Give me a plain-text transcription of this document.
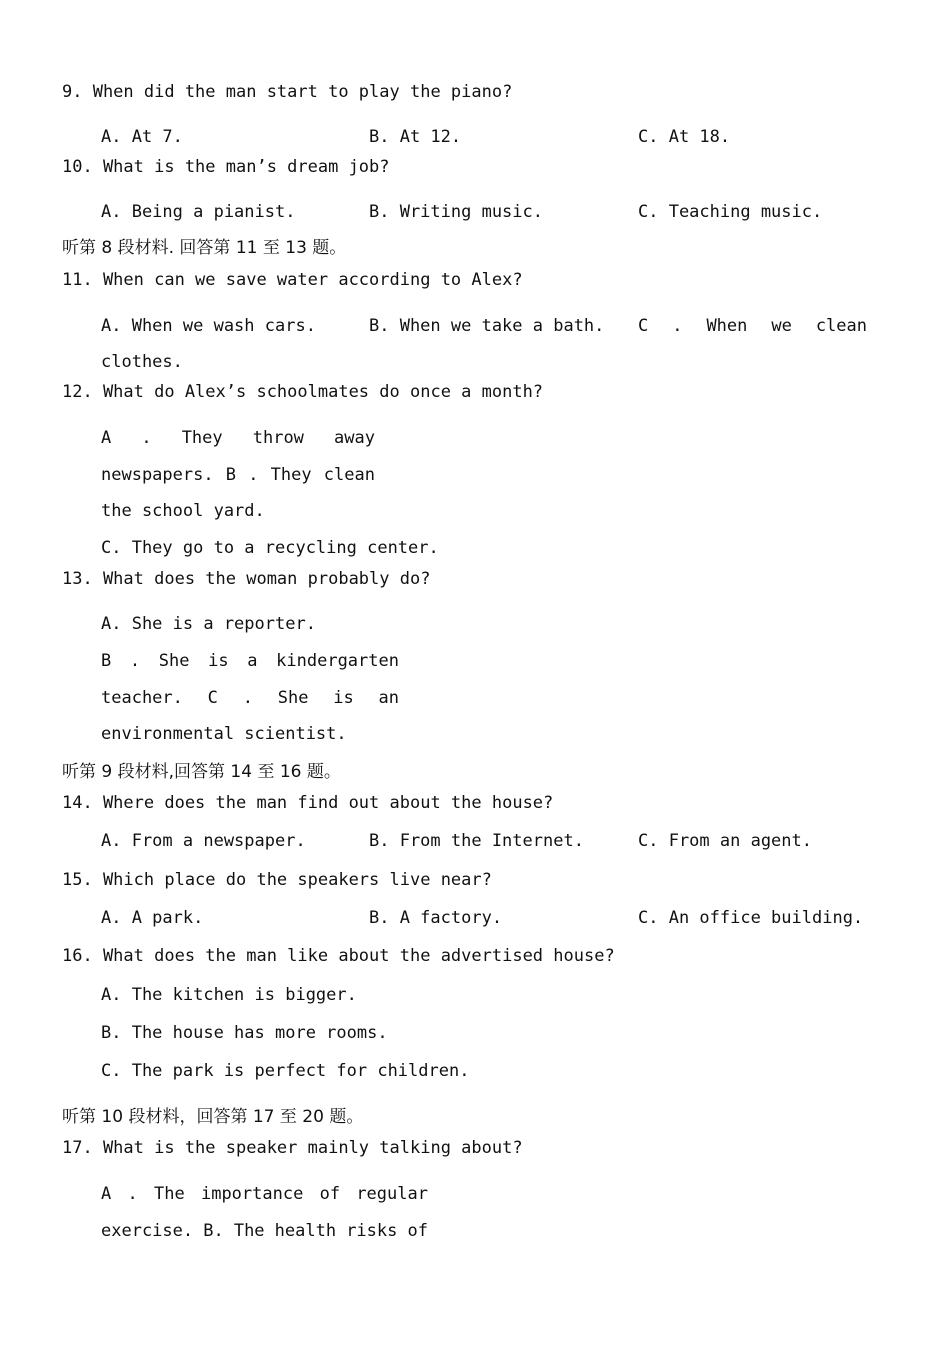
9. When did the man start to play the piano?
A. At 7.	B. At 12.	C. At 18.
10. What is the man’s dream job?
A. Being a pianist.	B. Writing music.	C. Teaching music.
听第 8 段材料. 回答第 11 至 13 题。
11. When can we save water according to Alex?
A. When we wash cars.	B. When we take a bath. C . When we clean
clothes.
12. What do Alex’s schoolmates do once a month?
A . They throw away
newspapers. B . They clean
the school yard.
C. They go to a recycling center.
13. What does the woman probably do?
A. She is a reporter.
B . She is a kindergarten
teacher. C . She is an
environmental scientist.
听第 9 段材料,回答第 14 至 16 题。
14. Where does the man find out about the house?
A. From a newspaper.	B. From the Internet.	C. From an agent.
15. Which place do the speakers live near?
A. A park.	B. A factory.	C. An office building.
16. What does the man like about the advertised house?
A. The kitchen is bigger.
B. The house has more rooms.
C. The park is perfect for children.
听第 10 段材料，回答第 17 至 20 题。
17. What is the speaker mainly talking about?
A . The importance of regular
exercise. B. The health risks of
